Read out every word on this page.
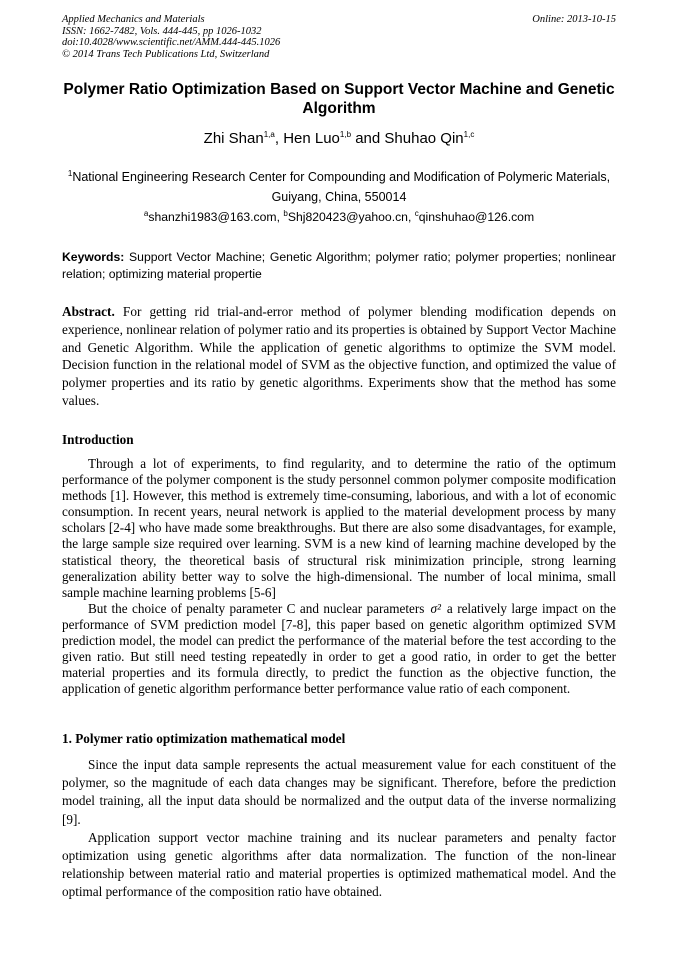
Applied Mechanics and Materials
ISSN: 1662-7482, Vols. 444-445, pp 1026-1032
doi:10.4028/www.scientific.net/AMM.444-445.1026
© 2014 Trans Tech Publications Ltd, Switzerland
Online: 2013-10-15
Polymer Ratio Optimization Based on Support Vector Machine and Genetic Algorithm
Zhi Shan$^{1,a}$, Hen Luo$^{1,b}$ and Shuhao Qin$^{1,c}$
$^1$National Engineering Research Center for Compounding and Modification of Polymeric Materials,
Guiyang, China, 550014
$^a$shanzhi1983@163.com, $^b$Shj820423@yahoo.cn, $^c$qinshuhao@126.com
Keywords: Support Vector Machine; Genetic Algorithm; polymer ratio; polymer properties; nonlinear relation; optimizing material propertie
Abstract. For getting rid trial-and-error method of polymer blending modification depends on experience, nonlinear relation of polymer ratio and its properties is obtained by Support Vector Machine and Genetic Algorithm. While the application of genetic algorithms to optimize the SVM model. Decision function in the relational model of SVM as the objective function, and optimized the value of polymer properties and its ratio by genetic algorithms. Experiments show that the method has some values.
Introduction

Through a lot of experiments, to find regularity, and to determine the ratio of the optimum performance of the polymer component is the study personnel common polymer composite modification methods [1]. However, this method is extremely time-consuming, laborious, and with a lot of economic consumption. In recent years, neural network is applied to the material development process by many scholars [2-4] who have made some breakthroughs. But there are also some disadvantages, for example, the large sample size required over learning. SVM is a new kind of learning machine developed by the statistical theory, the theoretical basis of structural risk minimization principle, strong learning generalization ability better way to solve the high-dimensional. The number of local minima, small sample machine learning problems [5-6]

But the choice of penalty parameter C and nuclear parameters σ² a relatively large impact on the performance of SVM prediction model [7-8], this paper based on genetic algorithm optimized SVM prediction model, the model can predict the performance of the material before the test according to the given ratio. But still need testing repeatedly in order to get a good ratio, in order to get the better material properties and its formula directly, to predict the function as the objective function, the application of genetic algorithm performance better performance value ratio of each component.

1. Polymer ratio optimization mathematical model

Since the input data sample represents the actual measurement value for each constituent of the polymer, so the magnitude of each data changes may be significant. Therefore, before the prediction model training, all the input data should be normalized and the output data of the inverse normalizing [9].

Application support vector machine training and its nuclear parameters and penalty factor optimization using genetic algorithms after data normalization. The function of the non-linear relationship between material ratio and material properties is optimized mathematical model. And the optimal performance of the composition ratio have obtained.
